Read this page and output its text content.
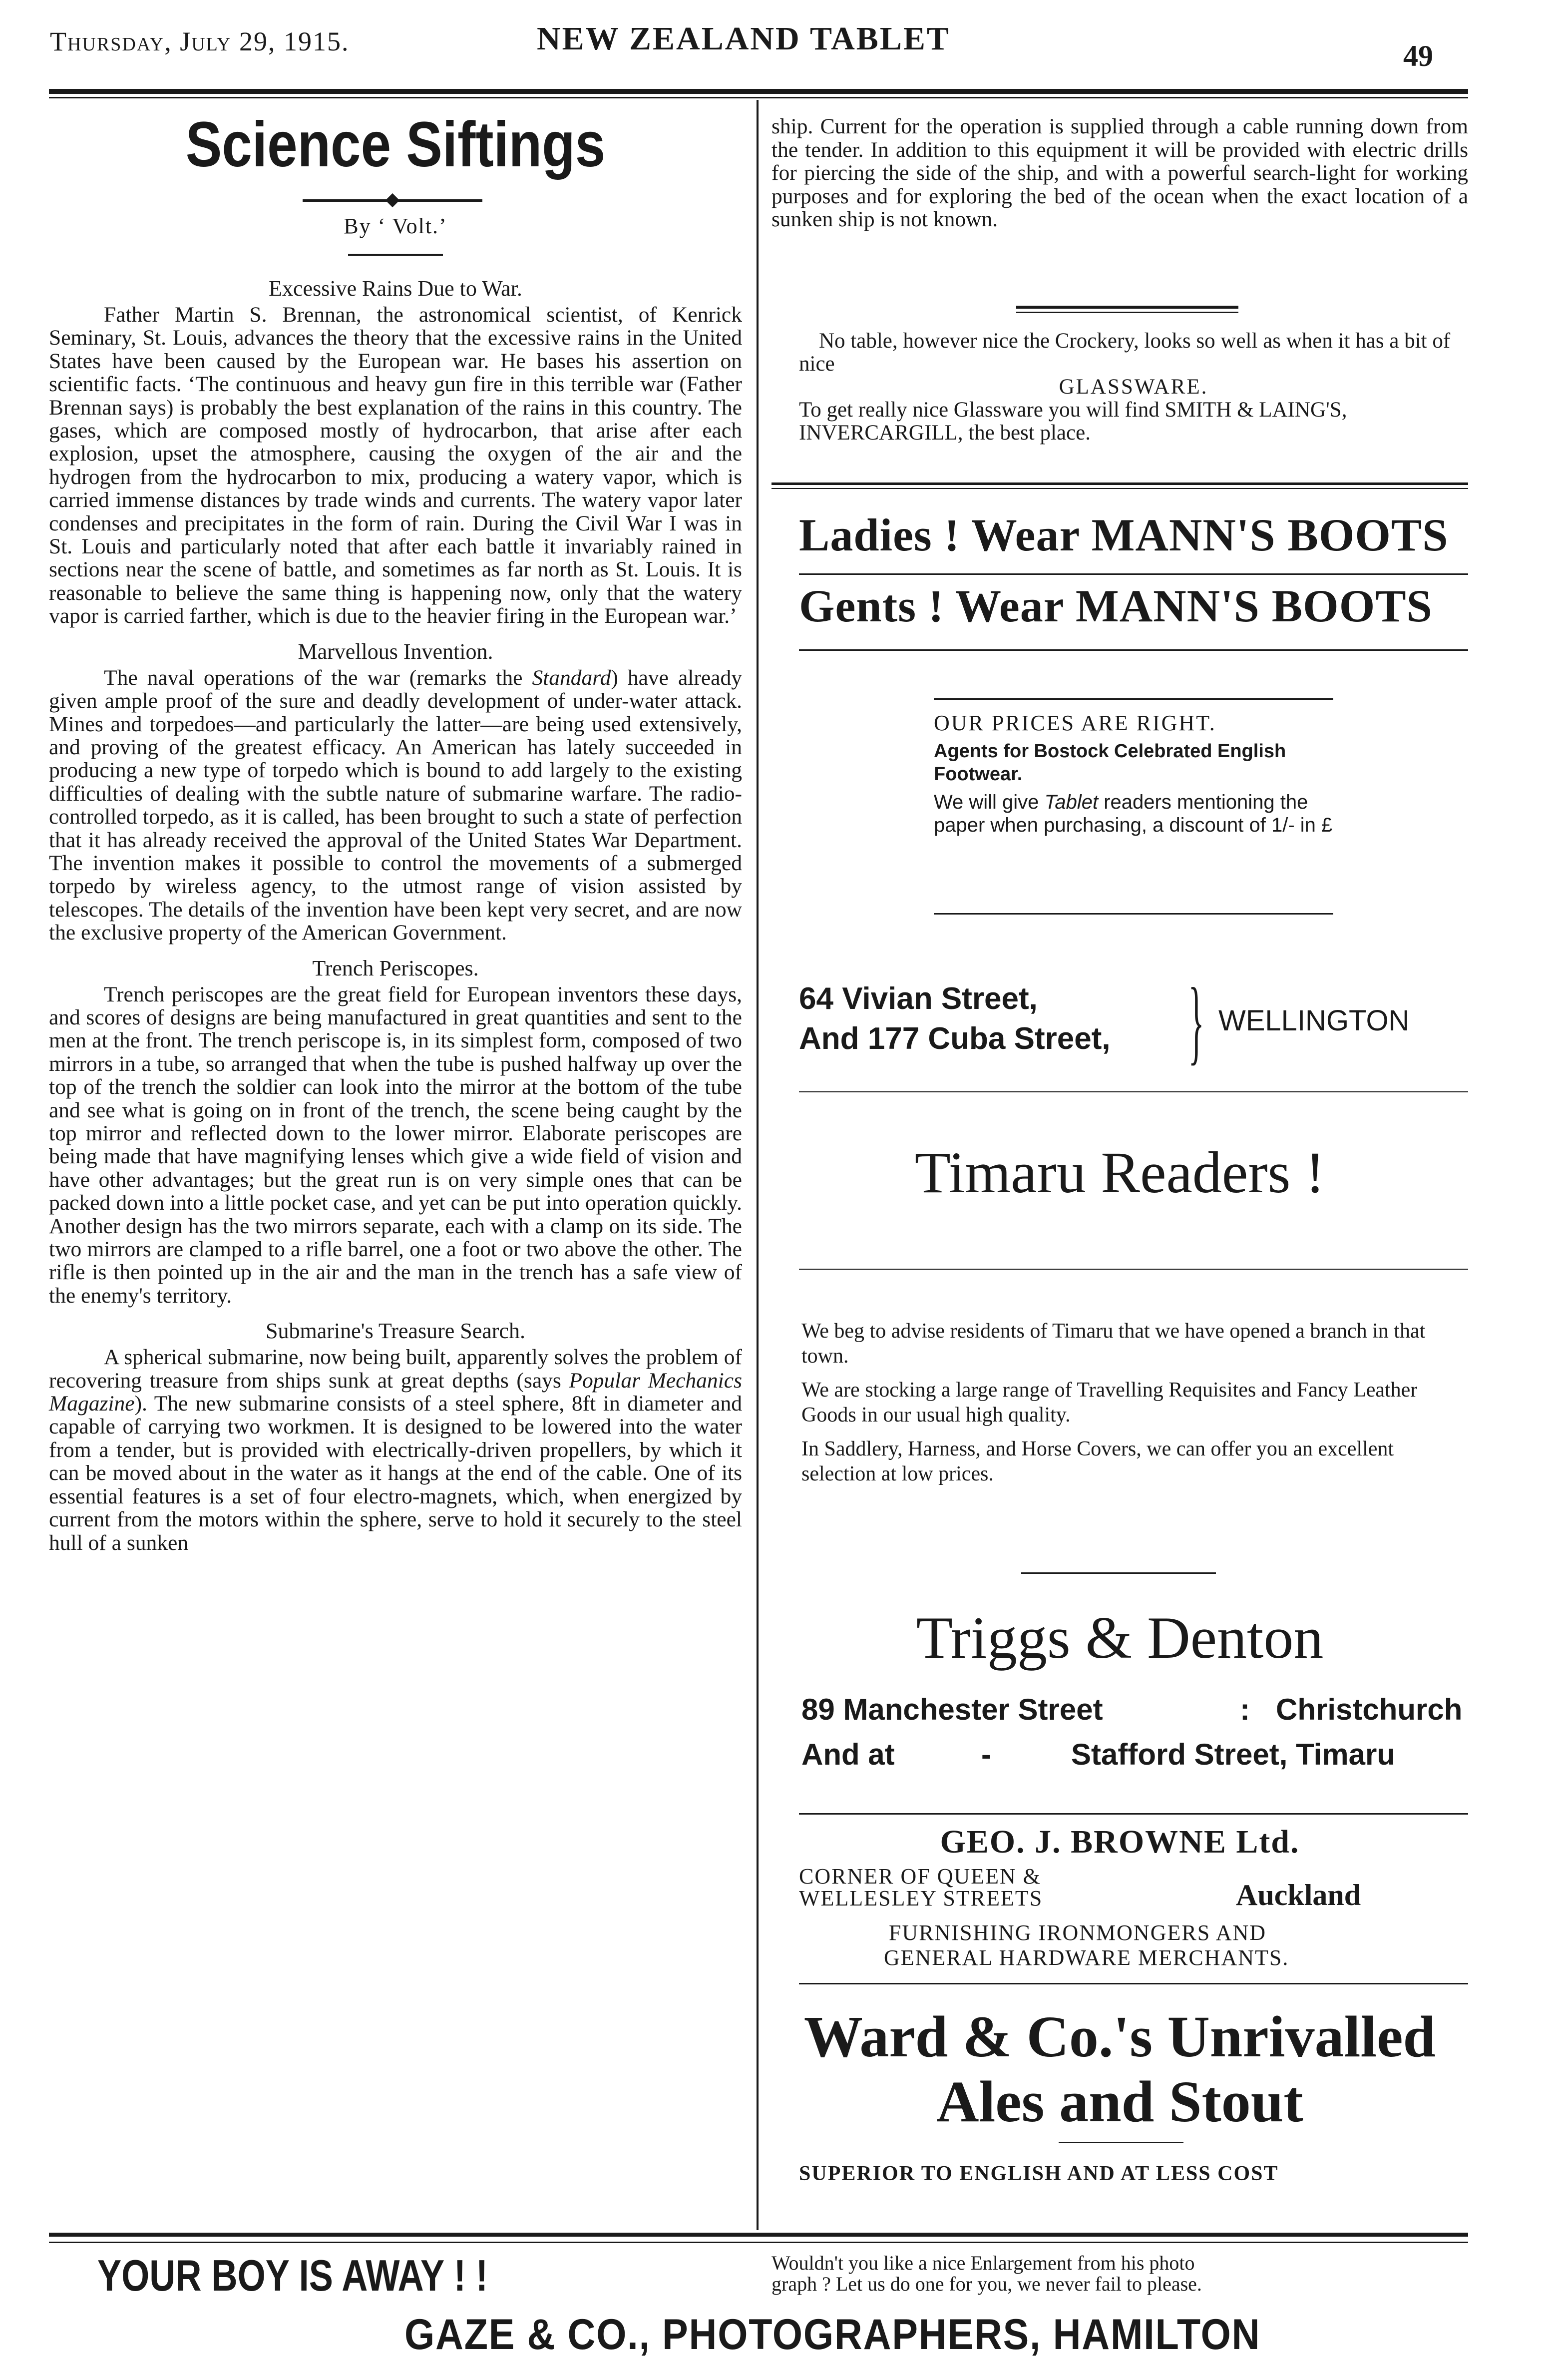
Thursday, July 29, 1915.	NEW ZEALAND TABLET	49
Science Siftings
By ‘ Volt.’
Excessive Rains Due to War.

Father Martin S. Brennan, the astronomical scientist, of Kenrick Seminary, St. Louis, advances the theory that the excessive rains in the United States have been caused by the European war. He bases his assertion on scientific facts. ‘The continuous and heavy gun fire in this terrible war (Father Brennan says) is probably the best explanation of the rains in this country. The gases, which are composed mostly of hydrocarbon, that arise after each explosion, upset the atmosphere, causing the oxygen of the air and the hydrogen from the hydrocarbon to mix, producing a watery vapor, which is carried immense distances by trade winds and currents. The watery vapor later condenses and precipitates in the form of rain. During the Civil War I was in St. Louis and particularly noted that after each battle it invariably rained in sections near the scene of battle, and sometimes as far north as St. Louis. It is reasonable to believe the same thing is happening now, only that the watery vapor is carried farther, which is due to the heavier firing in the European war.’

Marvellous Invention.

The naval operations of the war (remarks the Standard) have already given ample proof of the sure and deadly development of under-water attack. Mines and torpedoes—and particularly the latter—are being used extensively, and proving of the greatest efficacy. An American has lately succeeded in producing a new type of torpedo which is bound to add largely to the existing difficulties of dealing with the subtle nature of submarine warfare. The radio-controlled torpedo, as it is called, has been brought to such a state of perfection that it has already received the approval of the United States War Department. The invention makes it possible to control the movements of a submerged torpedo by wireless agency, to the utmost range of vision assisted by telescopes. The details of the invention have been kept very secret, and are now the exclusive property of the American Government.

Trench Periscopes.

Trench periscopes are the great field for European inventors these days, and scores of designs are being manufactured in great quantities and sent to the men at the front. The trench periscope is, in its simplest form, composed of two mirrors in a tube, so arranged that when the tube is pushed halfway up over the top of the trench the soldier can look into the mirror at the bottom of the tube and see what is going on in front of the trench, the scene being caught by the top mirror and reflected down to the lower mirror. Elaborate periscopes are being made that have magnifying lenses which give a wide field of vision and have other advantages; but the great run is on very simple ones that can be packed down into a little pocket case, and yet can be put into operation quickly. Another design has the two mirrors separate, each with a clamp on its side. The two mirrors are clamped to a rifle barrel, one a foot or two above the other. The rifle is then pointed up in the air and the man in the trench has a safe view of the enemy's territory.

Submarine's Treasure Search.

A spherical submarine, now being built, apparently solves the problem of recovering treasure from ships sunk at great depths (says Popular Mechanics Magazine). The new submarine consists of a steel sphere, 8ft in diameter and capable of carrying two workmen. It is designed to be lowered into the water from a tender, but is provided with electrically-driven propellers, by which it can be moved about in the water as it hangs at the end of the cable. One of its essential features is a set of four electro-magnets, which, when energized by current from the motors within the sphere, serve to hold it securely to the steel hull of a sunken

ship. Current for the operation is supplied through a cable running down from the tender. In addition to this equipment it will be provided with electric drills for piercing the side of the ship, and with a powerful search-light for working purposes and for exploring the bed of the ocean when the exact location of a sunken ship is not known.

No table, however nice the Crockery, looks so well as when it has a bit of nice
GLASSWARE.
To get really nice Glassware you will find SMITH & LAING'S, INVERCARGILL, the best place.
Ladies ! Wear MANN'S BOOTS
Gents ! Wear MANN'S BOOTS
OUR PRICES ARE RIGHT.
Agents for Bostock Celebrated English Footwear.
We will give Tablet readers mentioning the paper when purchasing, a discount of 1/- in £
64 Vivian Street,
And 177 Cuba Street, } WELLINGTON
Timaru Readers !
We beg to advise residents of Timaru that we have opened a branch in that town.
We are stocking a large range of Travelling Requisites and Fancy Leather Goods in our usual high quality.
In Saddlery, Harness, and Horse Covers, we can offer you an excellent selection at low prices.
Triggs & Denton
89 Manchester Street	: Christchurch
And at	-	Stafford Street, Timaru
GEO. J. BROWNE Ltd.
CORNER OF QUEEN &
WELLESLEY STREETS	Auckland
FURNISHING IRONMONGERS AND
GENERAL HARDWARE MERCHANTS.
Ward & Co.'s Unrivalled
Ales and Stout
SUPERIOR TO ENGLISH AND AT LESS COST
YOUR BOY IS AWAY ! !	Wouldn't you like a nice Enlargement from his photo
graph ? Let us do one for you, we never fail to please.
GAZE & CO., PHOTOGRAPHERS, HAMILTON
